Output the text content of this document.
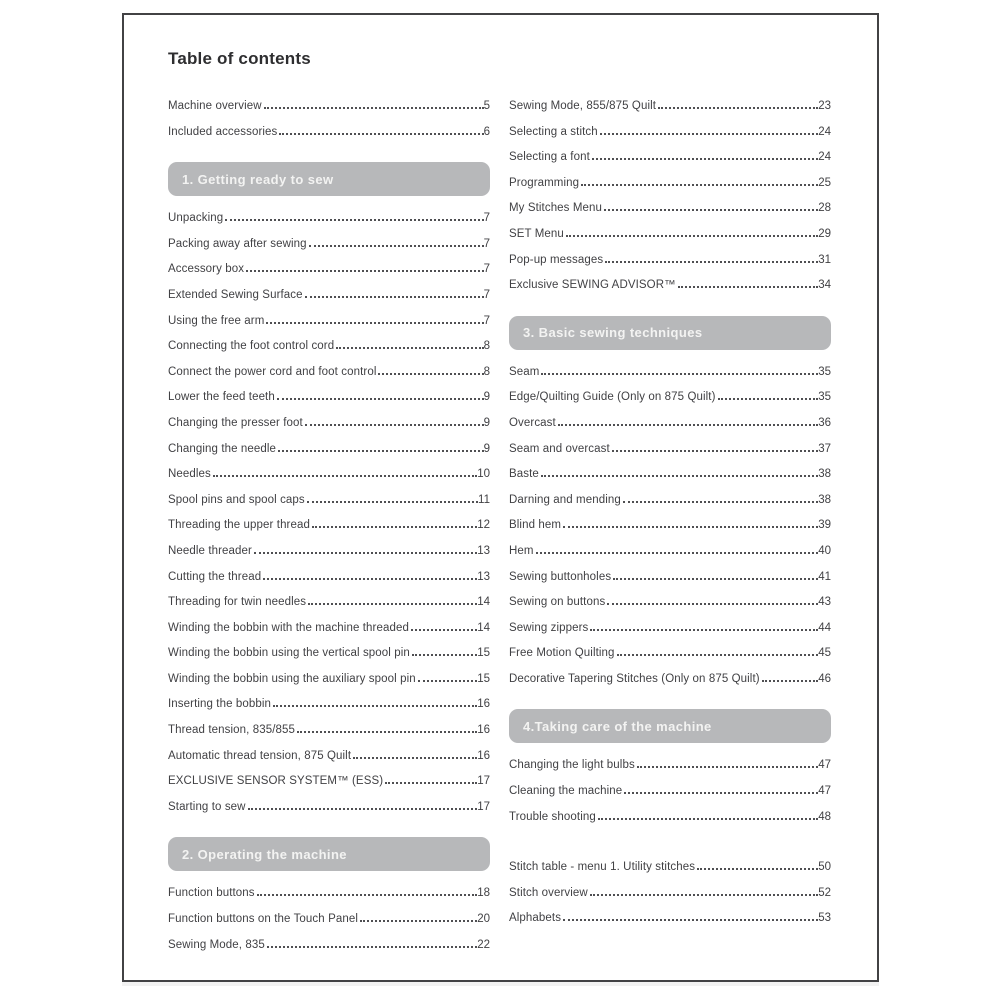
Table of contents
Machine overview	5
Included accessories	6
1. Getting ready to sew
Unpacking	7
Packing away after sewing	7
Accessory box	7
Extended Sewing Surface	7
Using the free arm	7
Connecting the foot control cord	8
Connect the power cord and foot control	8
Lower the feed teeth	9
Changing the presser foot	9
Changing the needle	9
Needles	10
Spool pins and spool caps	11
Threading the upper thread	12
Needle threader	13
Cutting the thread	13
Threading for twin needles	14
Winding the bobbin with the machine threaded	14
Winding the bobbin using the vertical spool pin	15
Winding the bobbin using the auxiliary spool pin	15
Inserting the bobbin	16
Thread tension, 835/855	16
Automatic thread tension, 875 Quilt	16
EXCLUSIVE SENSOR SYSTEM™ (ESS)	17
Starting to sew	17
2. Operating the machine
Function buttons	18
Function buttons on the Touch Panel	20
Sewing Mode, 835	22
Sewing Mode, 855/875 Quilt	23
Selecting a stitch	24
Selecting a font	24
Programming	25
My Stitches Menu	28
SET Menu	29
Pop-up messages	31
Exclusive SEWING ADVISOR™	34
3. Basic sewing techniques
Seam	35
Edge/Quilting Guide (Only on 875 Quilt)	35
Overcast	36
Seam and overcast	37
Baste	38
Darning and mending	38
Blind hem	39
Hem	40
Sewing buttonholes	41
Sewing on buttons	43
Sewing zippers	44
Free Motion Quilting	45
Decorative Tapering Stitches (Only on 875 Quilt)	46
4.Taking care of the machine
Changing the light bulbs	47
Cleaning the machine	47
Trouble shooting	48
Stitch table - menu 1. Utility stitches	50
Stitch overview	52
Alphabets	53
